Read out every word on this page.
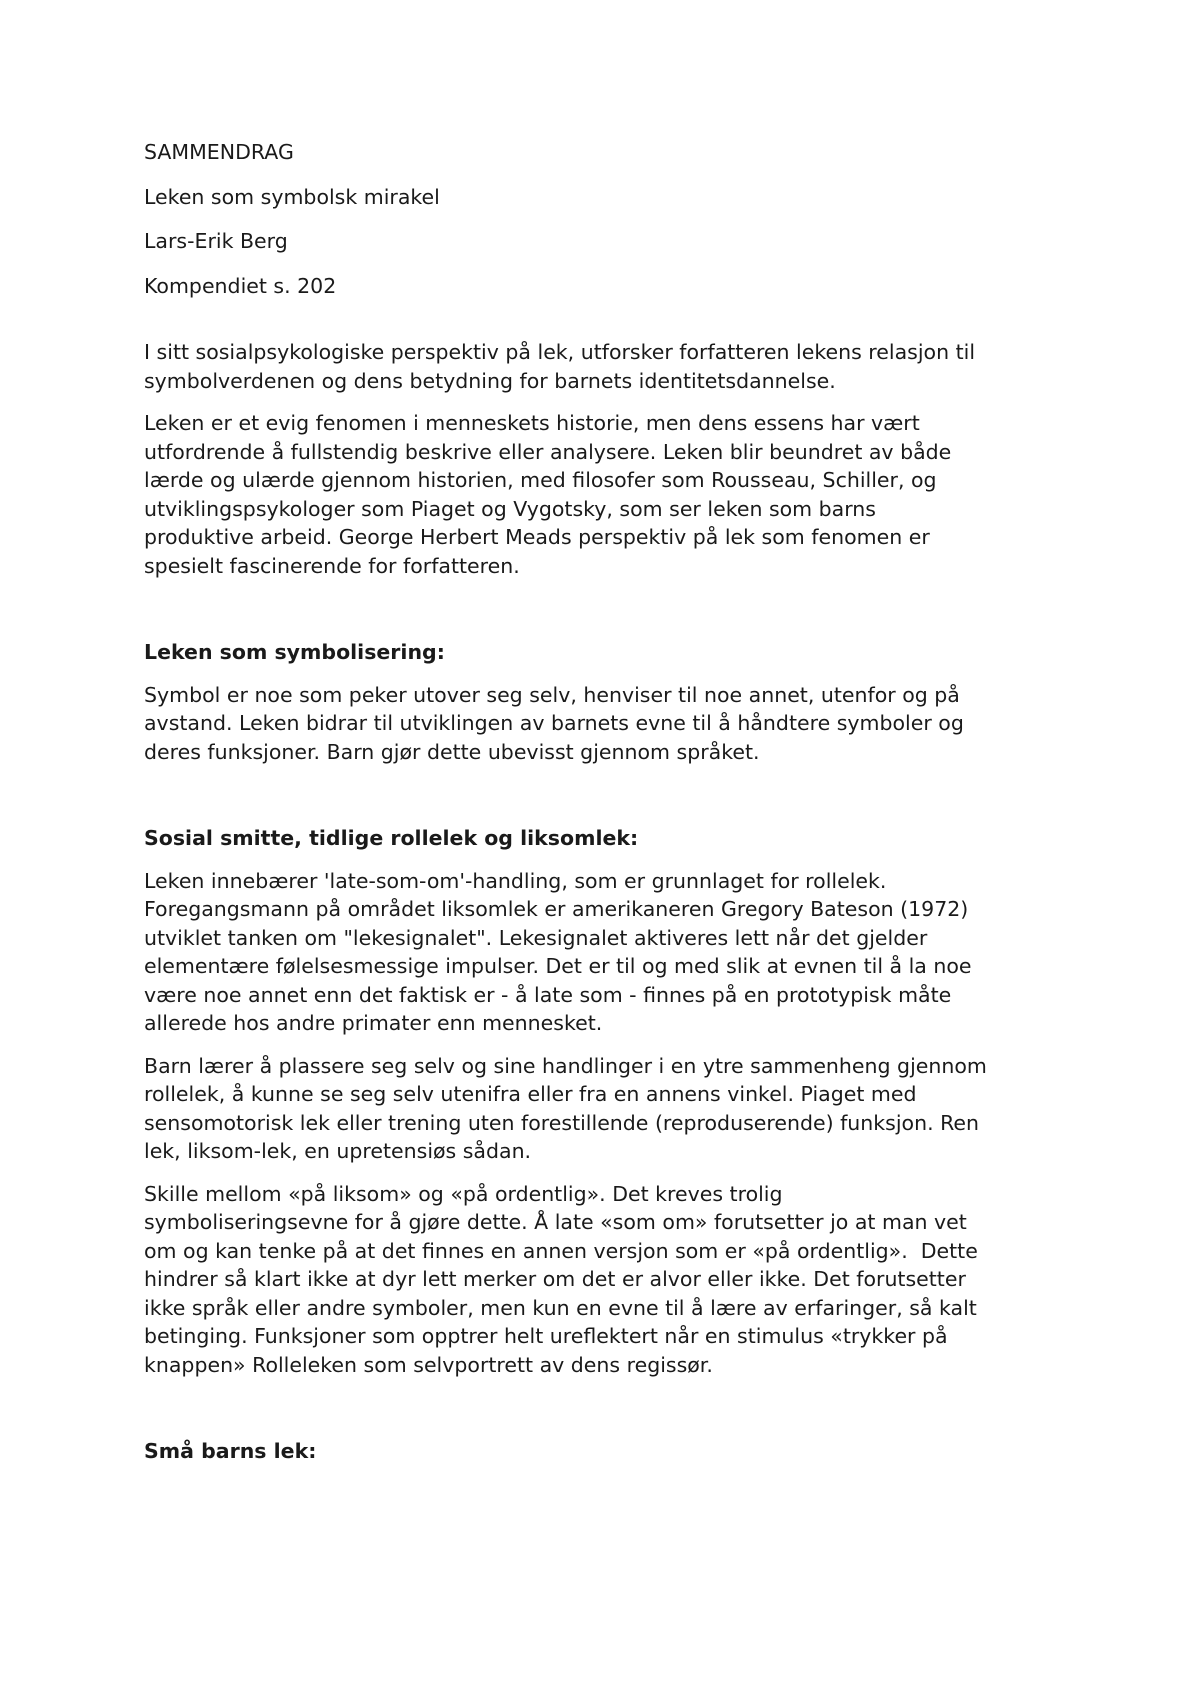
SAMMENDRAG
Leken som symbolsk mirakel
Lars-Erik Berg
Kompendiet s. 202
I sitt sosialpsykologiske perspektiv på lek, utforsker forfatteren lekens relasjon til
symbolverdenen og dens betydning for barnets identitetsdannelse.
Leken er et evig fenomen i menneskets historie, men dens essens har vært
utfordrende å fullstendig beskrive eller analysere. Leken blir beundret av både
lærde og ulærde gjennom historien, med filosofer som Rousseau, Schiller, og
utviklingspsykologer som Piaget og Vygotsky, som ser leken som barns
produktive arbeid. George Herbert Meads perspektiv på lek som fenomen er
spesielt fascinerende for forfatteren.
Leken som symbolisering:
Symbol er noe som peker utover seg selv, henviser til noe annet, utenfor og på
avstand. Leken bidrar til utviklingen av barnets evne til å håndtere symboler og
deres funksjoner. Barn gjør dette ubevisst gjennom språket.
Sosial smitte, tidlige rollelek og liksomlek:
Leken innebærer 'late-som-om'-handling, som er grunnlaget for rollelek.
Foregangsmann på området liksomlek er amerikaneren Gregory Bateson (1972)
utviklet tanken om "lekesignalet". Lekesignalet aktiveres lett når det gjelder
elementære følelsesmessige impulser. Det er til og med slik at evnen til å la noe
være noe annet enn det faktisk er - å late som - finnes på en prototypisk måte
allerede hos andre primater enn mennesket.
Barn lærer å plassere seg selv og sine handlinger i en ytre sammenheng gjennom
rollelek, å kunne se seg selv utenifra eller fra en annens vinkel. Piaget med
sensomotorisk lek eller trening uten forestillende (reproduserende) funksjon. Ren
lek, liksom-lek, en upretensiøs sådan.
Skille mellom «på liksom» og «på ordentlig». Det kreves trolig
symboliseringsevne for å gjøre dette. Å late «som om» forutsetter jo at man vet
om og kan tenke på at det finnes en annen versjon som er «på ordentlig».  Dette
hindrer så klart ikke at dyr lett merker om det er alvor eller ikke. Det forutsetter
ikke språk eller andre symboler, men kun en evne til å lære av erfaringer, så kalt
betinging. Funksjoner som opptrer helt ureflektert når en stimulus «trykker på
knappen» Rolleleken som selvportrett av dens regissør.
Små barns lek:
